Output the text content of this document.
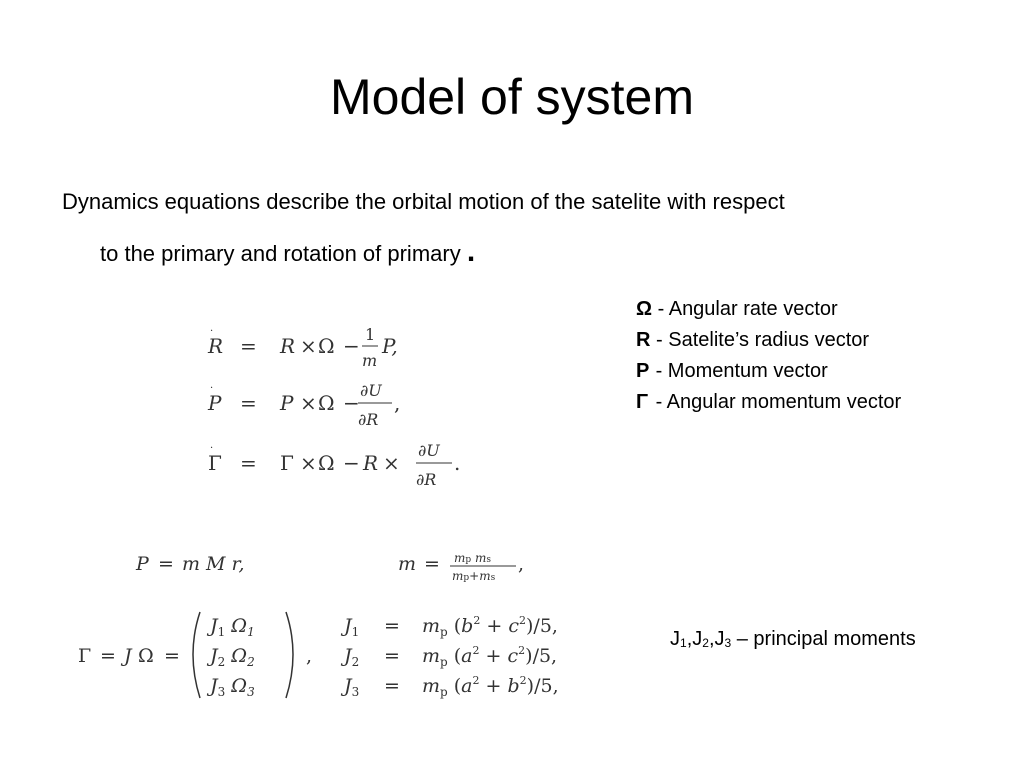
Model of system
Dynamics equations describe the orbital motion of the satelite with respect
to the primary and rotation of primary .
Ω - Angular rate vector
R - Satelite’s radius vector
P - Momentum vector
Γ - Angular momentum vector
$J_1,J_2,J_3$ – principal moments
R
·
= R × Ω − 1
m
P,
P
·
= P × Ω −
∂U
∂R
,
Γ
·
= Γ × Ω − R ×
∂U
∂R
.
P = m M r,	m = mp ms
mp+ms
,
Γ = J Ω =
$J_1$ $\Omega_1$
$J_2$ $\Omega_2$
$J_3$ $\Omega_3$
,
$J_1$
$J_2$
$J_3$
=
=
=
$m_p$ $(b^2 + c^2)/5$,
$m_p$ $(a^2 + c^2)/5$,
$m_p$ $(a^2 + b^2)/5$,
